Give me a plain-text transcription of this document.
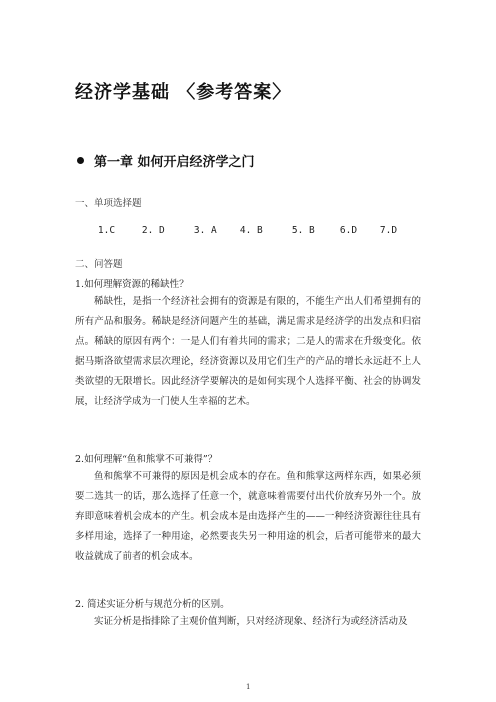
经济学基础 〈参考答案〉
第一章 如何开启经济学之门

一、单项选择题

1.C	2. D	3. A 4. B	5. B	6.D 7.D

二、问答题

1.如何理解资源的稀缺性？

稀缺性，是指一个经济社会拥有的资源是有限的，不能生产出人们希望拥有的所有产品和服务。稀缺是经济问题产生的基础，满足需求是经济学的出发点和归宿点。稀缺的原因有两个：一是人们有着共同的需求；二是人的需求在升级变化。依据马斯洛欲望需求层次理论，经济资源以及用它们生产的产品的增长永远赶不上人类欲望的无限增长。因此经济学要解决的是如何实现个人选择平衡、社会的协调发展，让经济学成为一门使人生幸福的艺术。

2.如何理解“鱼和熊掌不可兼得”？

鱼和熊掌不可兼得的原因是机会成本的存在。鱼和熊掌这两样东西，如果必须要二选其一的话，那么选择了任意一个，就意味着需要付出代价放弃另外一个。放弃即意味着机会成本的产生。机会成本是由选择产生的——一种经济资源往往具有多样用途，选择了一种用途，必然要丧失另一种用途的机会，后者可能带来的最大收益就成了前者的机会成本。

2. 简述实证分析与规范分析的区别。

实证分析是指排除了主观价值判断，只对经济现象、经济行为或经济活动及

1
